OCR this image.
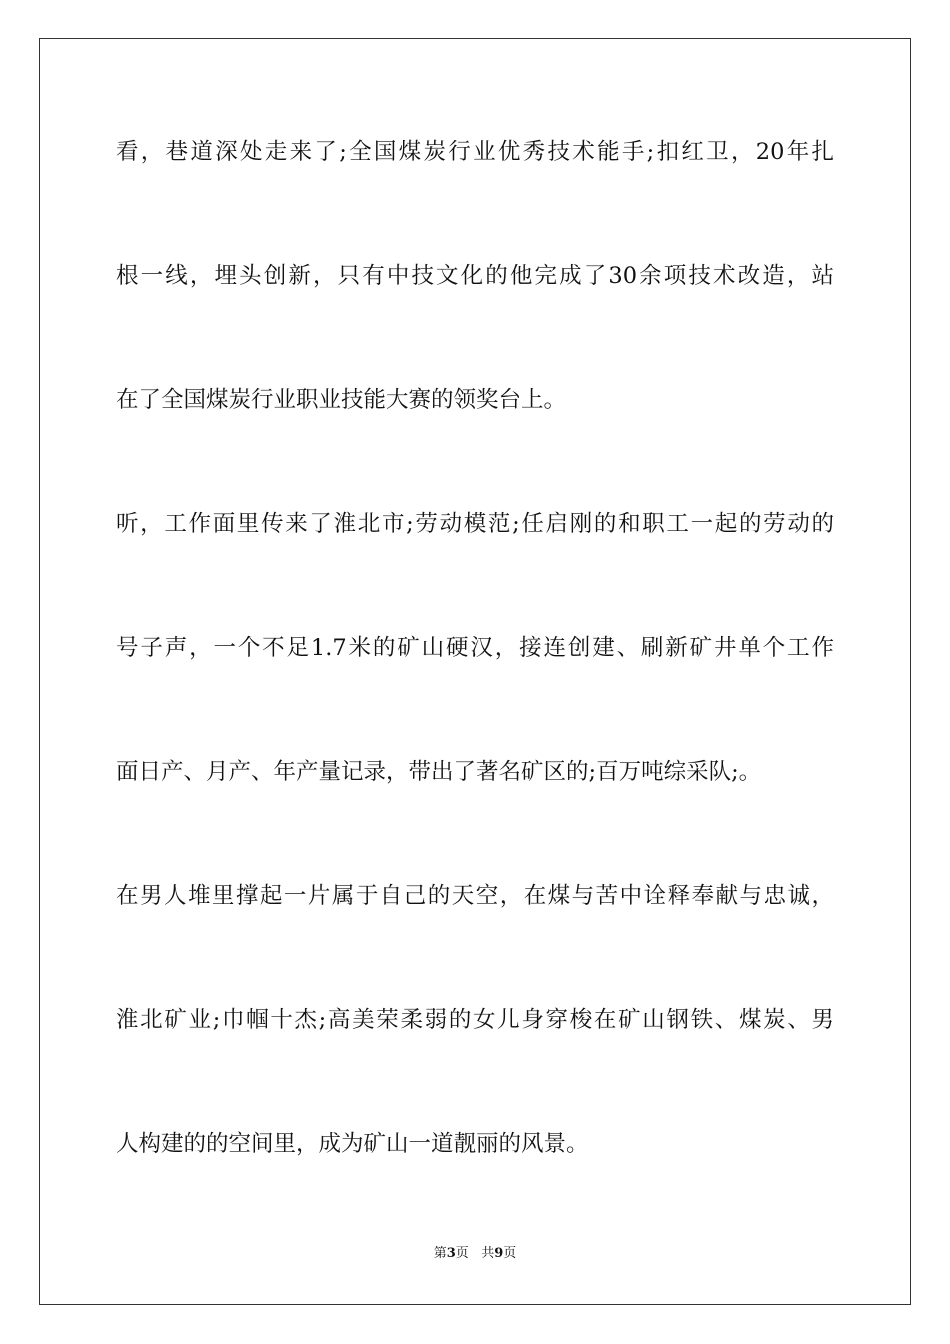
看，巷道深处走来了;全国煤炭行业优秀技术能手;扣红卫，20年扎
根一线，埋头创新，只有中技文化的他完成了30余项技术改造，站
在了全国煤炭行业职业技能大赛的领奖台上。
听，工作面里传来了淮北市;劳动模范;任启刚的和职工一起的劳动的
号子声，一个不足1.7米的矿山硬汉，接连创建、刷新矿井单个工作
面日产、月产、年产量记录，带出了著名矿区的;百万吨综采队;。
在男人堆里撑起一片属于自己的天空，在煤与苦中诠释奉献与忠诚，
淮北矿业;巾帼十杰;高美荣柔弱的女儿身穿梭在矿山钢铁、煤炭、男
人构建的的空间里，成为矿山一道靓丽的风景。
第3页 共9页
